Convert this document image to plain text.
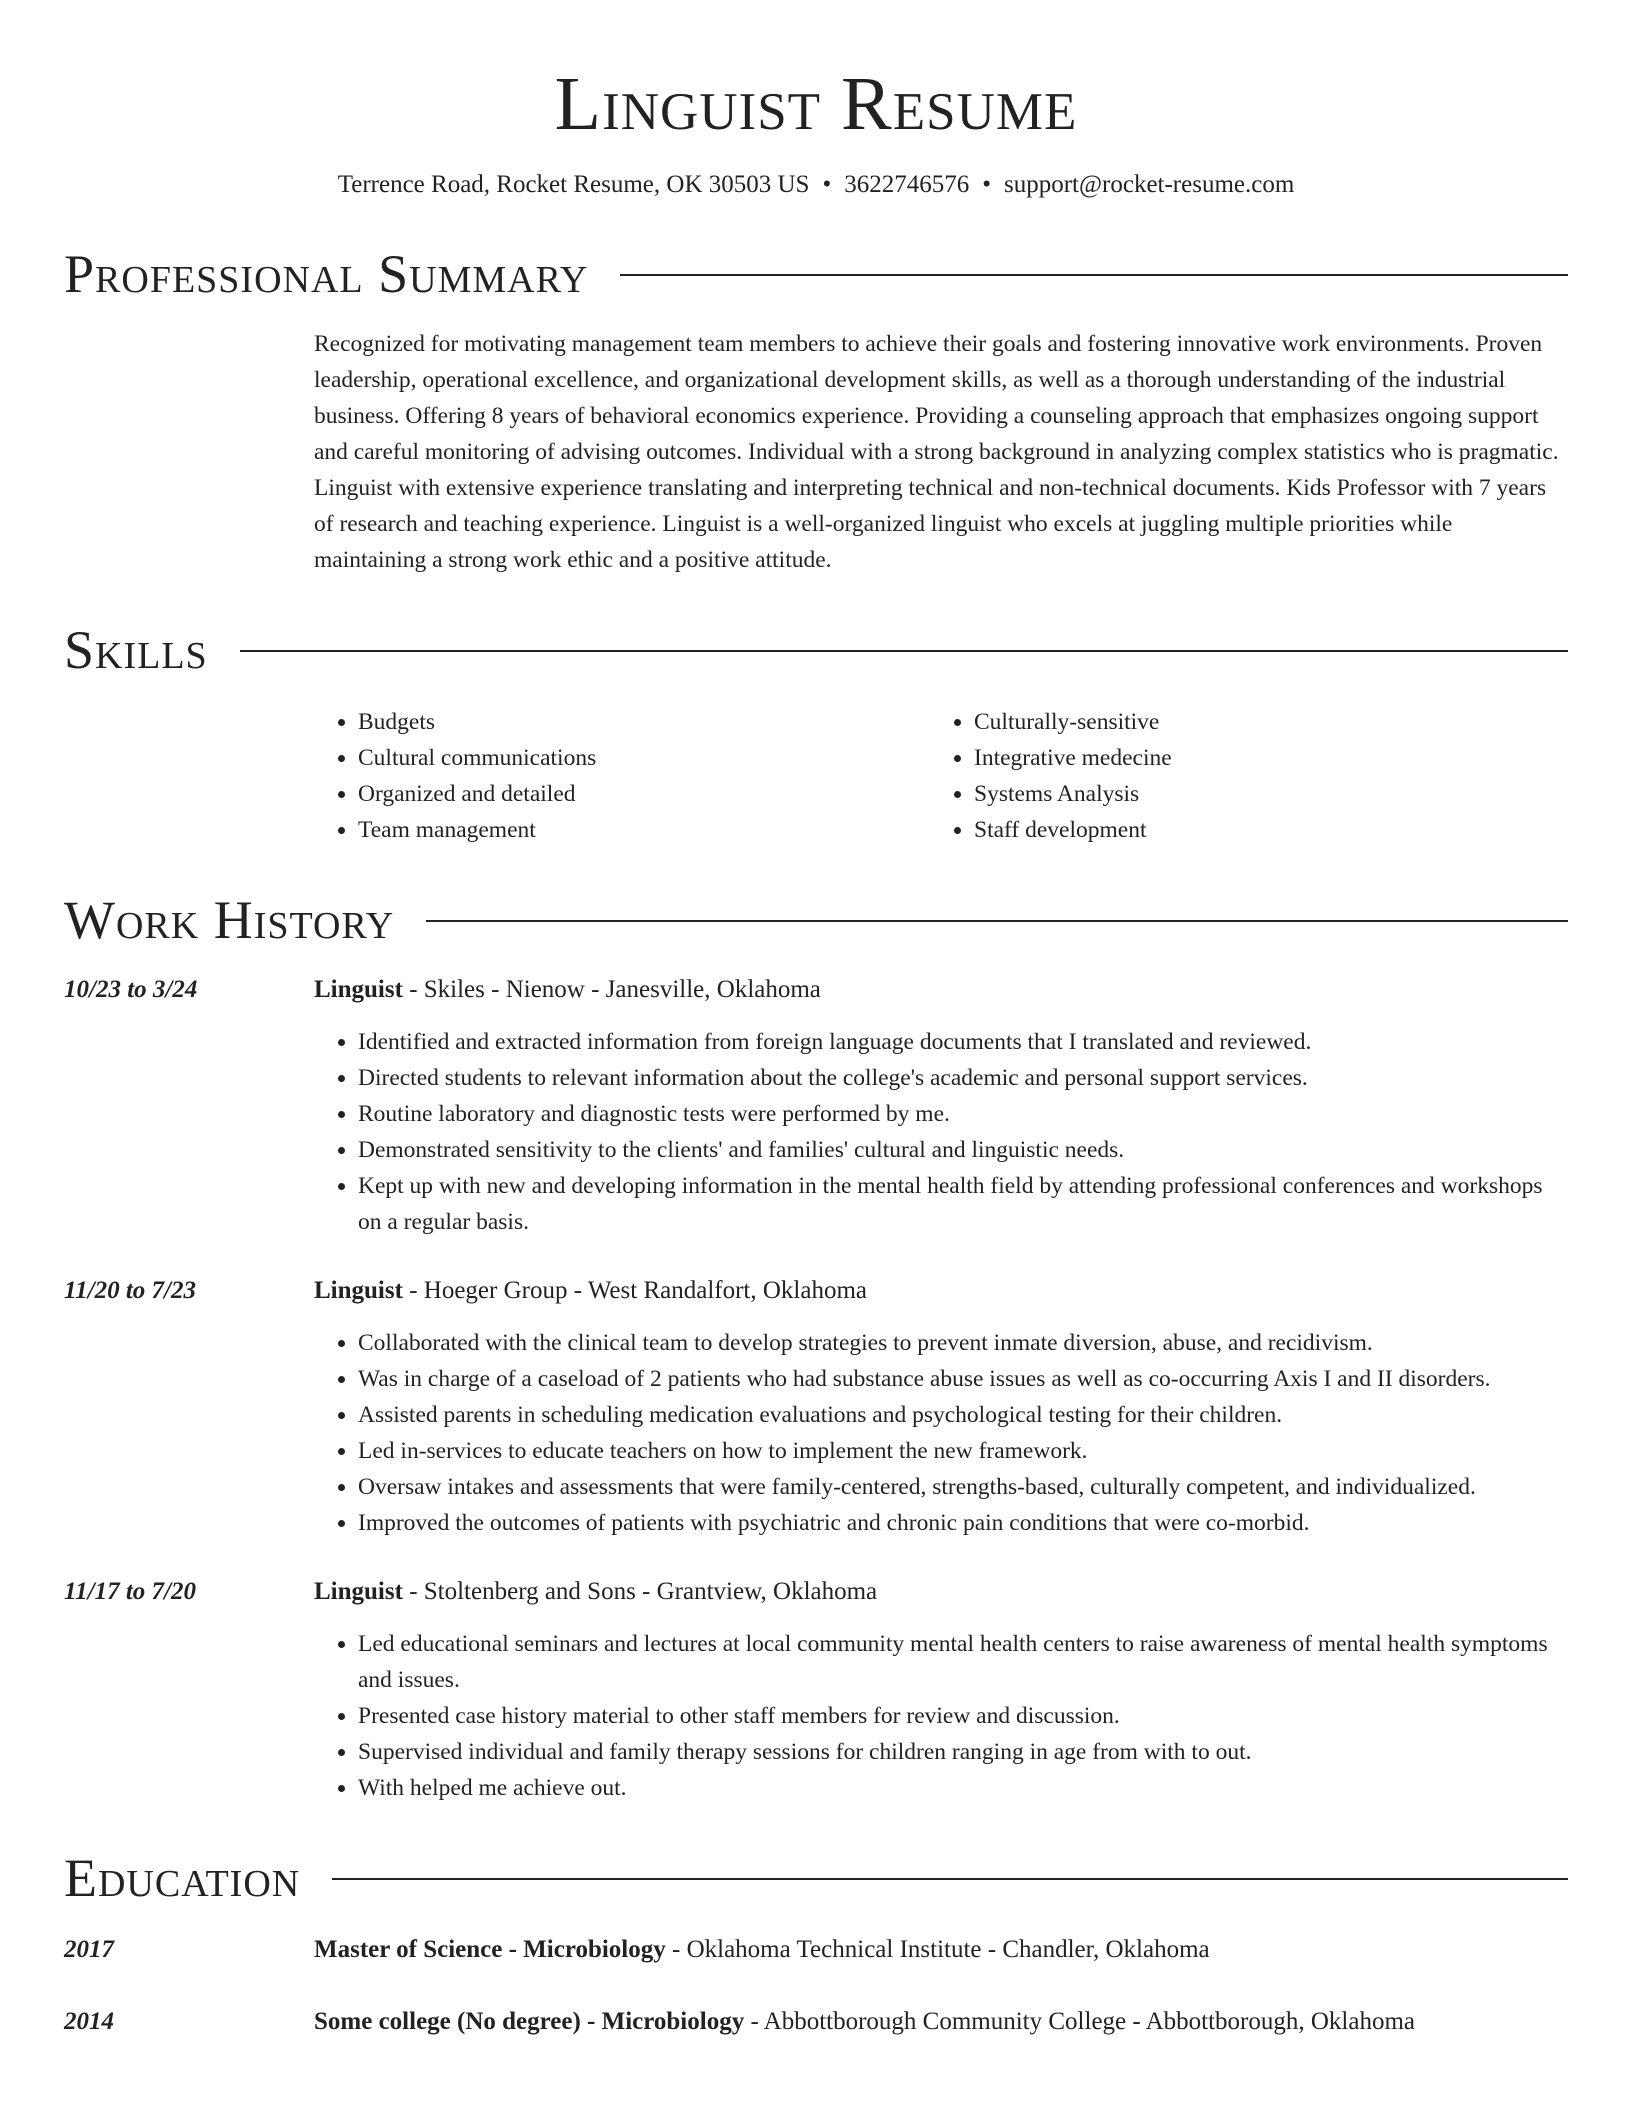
Linguist Resume
Terrence Road, Rocket Resume, OK 30503 US • 3622746576 • support@rocket-resume.com
Professional Summary
Recognized for motivating management team members to achieve their goals and fostering innovative work environments. Proven leadership, operational excellence, and organizational development skills, as well as a thorough understanding of the industrial business. Offering 8 years of behavioral economics experience. Providing a counseling approach that emphasizes ongoing support and careful monitoring of advising outcomes. Individual with a strong background in analyzing complex statistics who is pragmatic. Linguist with extensive experience translating and interpreting technical and non-technical documents. Kids Professor with 7 years of research and teaching experience. Linguist is a well-organized linguist who excels at juggling multiple priorities while maintaining a strong work ethic and a positive attitude.
Skills
• Budgets
• Cultural communications
• Organized and detailed
• Team management
• Culturally-sensitive
• Integrative medecine
• Systems Analysis
• Staff development
Work History
10/23 to 3/24	Linguist - Skiles - Nienow - Janesville, Oklahoma
• Identified and extracted information from foreign language documents that I translated and reviewed.
• Directed students to relevant information about the college's academic and personal support services.
• Routine laboratory and diagnostic tests were performed by me.
• Demonstrated sensitivity to the clients' and families' cultural and linguistic needs.
• Kept up with new and developing information in the mental health field by attending professional conferences and workshops on a regular basis.
11/20 to 7/23	Linguist - Hoeger Group - West Randalfort, Oklahoma
• Collaborated with the clinical team to develop strategies to prevent inmate diversion, abuse, and recidivism.
• Was in charge of a caseload of 2 patients who had substance abuse issues as well as co-occurring Axis I and II disorders.
• Assisted parents in scheduling medication evaluations and psychological testing for their children.
• Led in-services to educate teachers on how to implement the new framework.
• Oversaw intakes and assessments that were family-centered, strengths-based, culturally competent, and individualized.
• Improved the outcomes of patients with psychiatric and chronic pain conditions that were co-morbid.
11/17 to 7/20	Linguist - Stoltenberg and Sons - Grantview, Oklahoma
• Led educational seminars and lectures at local community mental health centers to raise awareness of mental health symptoms and issues.
• Presented case history material to other staff members for review and discussion.
• Supervised individual and family therapy sessions for children ranging in age from with to out.
• With helped me achieve out.
Education
2017	Master of Science - Microbiology - Oklahoma Technical Institute - Chandler, Oklahoma
2014	Some college (No degree) - Microbiology - Abbottborough Community College - Abbottborough, Oklahoma
